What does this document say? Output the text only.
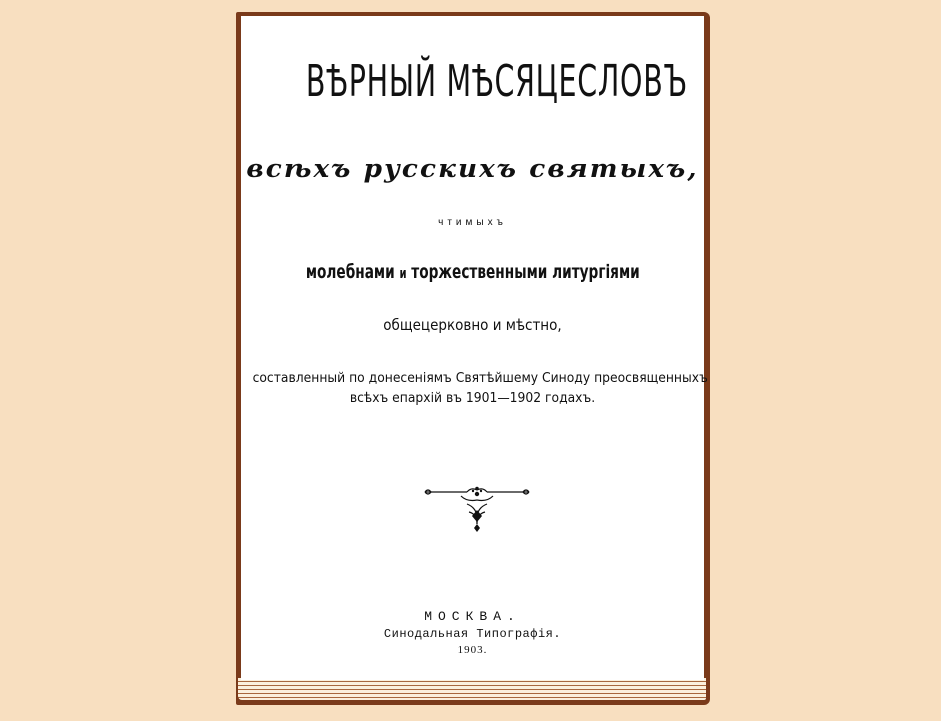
ВѢРНЫЙ МѢСЯЦЕСЛОВЪ
всѣхъ русскихъ святыхъ,
чтимыхъ
молебнами и торжественными литургіями
общецерковно и мѣстно,
составленный по донесеніямъ Святѣйшему Синоду преосвященныхъ
всѣхъ епархій въ 1901—1902 годахъ.
МОСКВА.
Синодальная Типографія.
1903.
